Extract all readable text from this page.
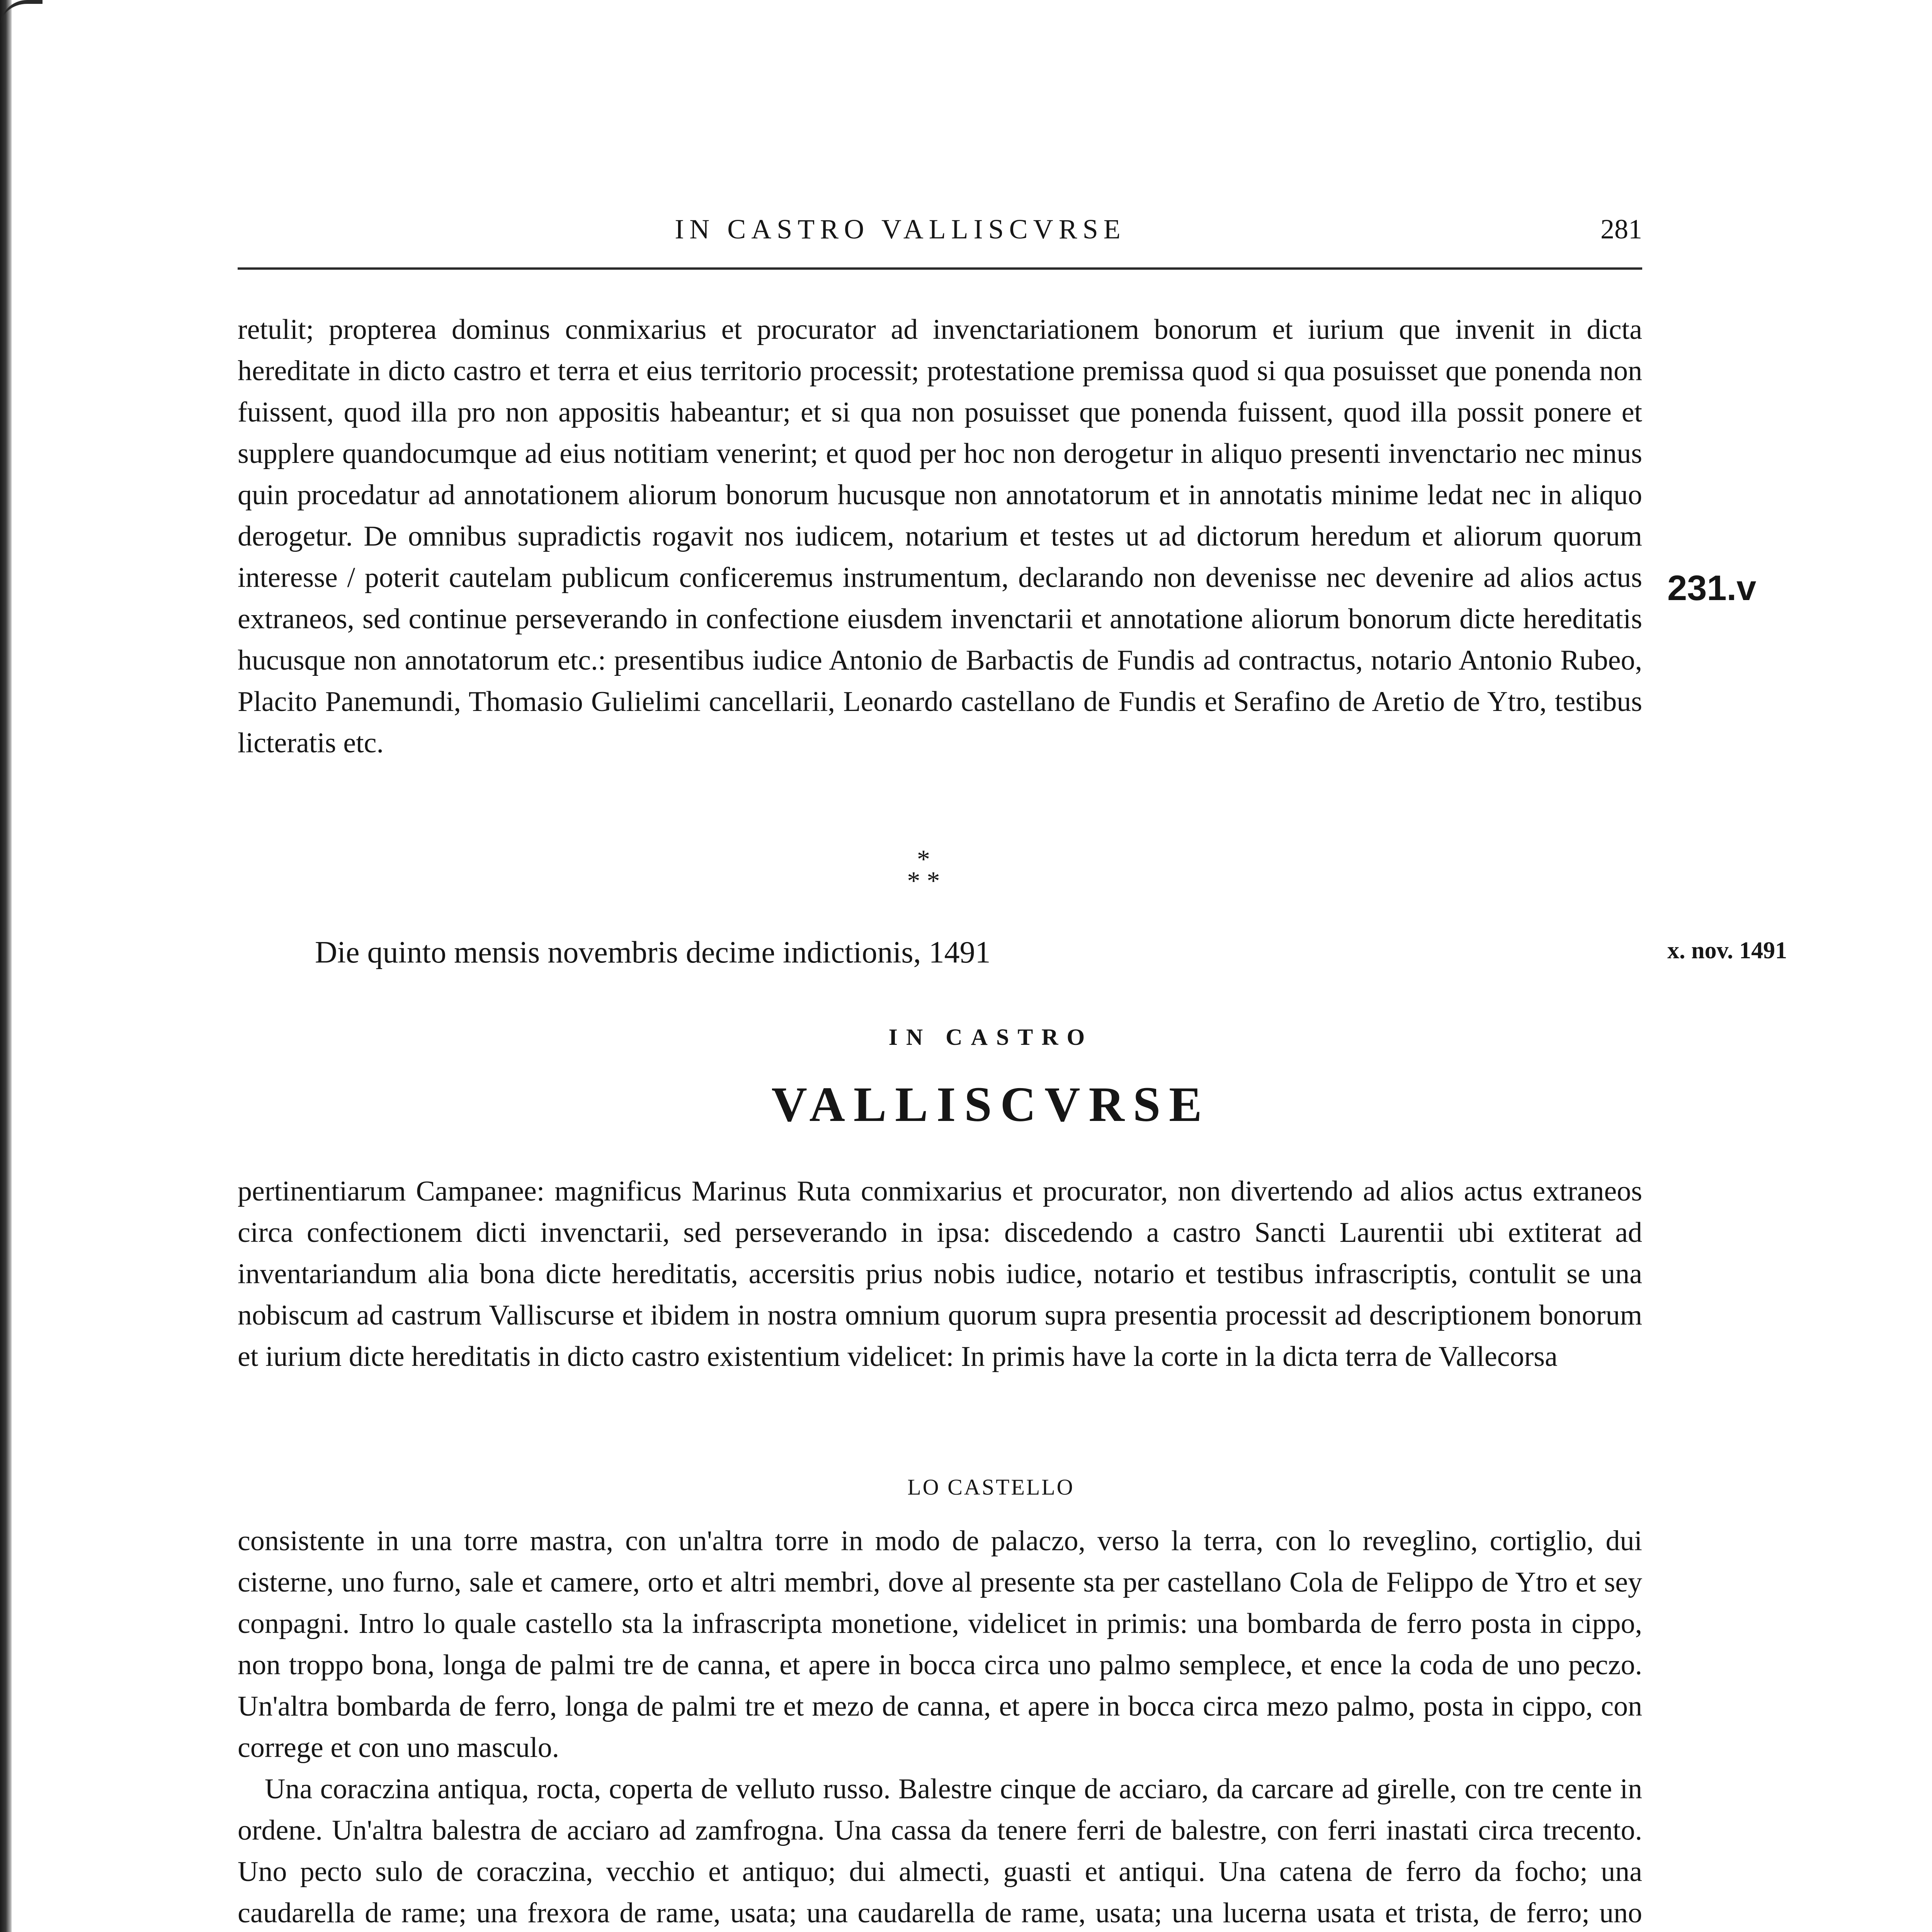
IN CASTRO VALLISCVRSE	281

retulit; propterea dominus conmixarius et procurator ad invenctariationem bonorum et iurium que invenit in dicta hereditate in dicto castro et terra et eius territorio processit; protestatione premissa quod si qua posuisset que ponenda non fuissent, quod illa pro non appositis habeantur; et si qua non posuisset que ponenda fuissent, quod illa possit ponere et supplere quandocumque ad eius notitiam venerint; et quod per hoc non derogetur in aliquo presenti invenctario nec minus quin procedatur ad annotationem aliorum bonorum hucusque non annotatorum et in annotatis minime ledat nec in aliquo derogetur. De omnibus supradictis rogavit nos iudicem, notarium et testes ut ad dictorum heredum et aliorum quorum interesse / poterit cautelam publicum conficeremus instrumentum, declarando non devenisse nec devenire ad alios actus extraneos, sed continue perseverando in confectione eiusdem invenctarii et annotatione aliorum bonorum dicte hereditatis hucusque non annotatorum etc.: presentibus iudice Antonio de Barbactis de Fundis ad contractus, notario Antonio Rubeo, Placito Panemundi, Thomasio Gulielimi cancellarii, Leonardo castellano de Fundis et Serafino de Aretio de Ytro, testibus licteratis etc.

231.v
*
* *
Die quinto mensis novembris decime indictionis, 1491	x. nov. 1491
IN CASTRO
VALLISCVRSE

pertinentiarum Campanee: magnificus Marinus Ruta conmixarius et procurator, non divertendo ad alios actus extraneos circa confectionem dicti invenctarii, sed perseverando in ipsa: discedendo a castro Sancti Laurentii ubi extiterat ad inventariandum alia bona dicte hereditatis, accersitis prius nobis iudice, notario et testibus infrascriptis, contulit se una nobiscum ad castrum Valliscurse et ibidem in nostra omnium quorum supra presentia processit ad descriptionem bonorum et iurium dicte hereditatis in dicto castro existentium videlicet: In primis have la corte in la dicta terra de Vallecorsa

LO CASTELLO

consistente in una torre mastra, con un'altra torre in modo de palaczo, verso la terra, con lo reveglino, cortiglio, dui cisterne, uno furno, sale et camere, orto et altri membri, dove al presente sta per castellano Cola de Felippo de Ytro et sey conpagni. Intro lo quale castello sta la infrascripta monetione, videlicet in primis: una bombarda de ferro posta in cippo, non troppo bona, longa de palmi tre de canna, et apere in bocca circa uno palmo semplece, et ence la coda de uno peczo. Un'altra bombarda de ferro, longa de palmi tre et mezo de canna, et apere in bocca circa mezo palmo, posta in cippo, con correge et con uno masculo.

Una coraczina antiqua, rocta, coperta de velluto russo. Balestre cinque de acciaro, da carcare ad girelle, con tre cente in ordene. Un'altra balestra de acciaro ad zamfrogna. Una cassa da tenere ferri de balestre, con ferri inastati circa trecento. Uno pecto sulo de coraczina, vecchio et antiquo; dui almecti, guasti et antiqui. Una catena de ferro da focho; una caudarella de rame; una frexora de rame, usata; una caudarella de rame, usata; una lucerna usata et trista, de ferro; uno
